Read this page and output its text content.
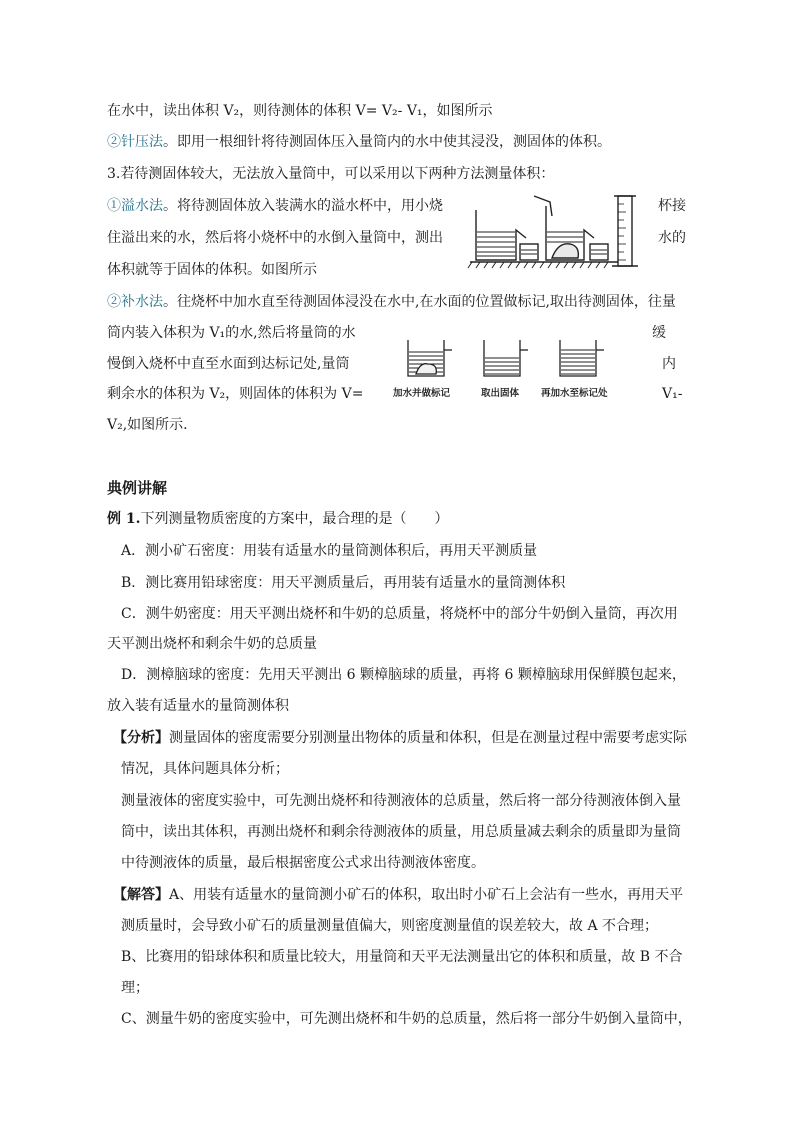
在水中，读出体积 V₂，则待测体的体积 V= V₂- V₁，如图所示
②针压法。即用一根细针将待测固体压入量筒内的水中使其浸没，测固体的体积。
3.若待测固体较大，无法放入量筒中，可以采用以下两种方法测量体积：
①溢水法。将待测固体放入装满水的溢水杯中，用小烧	杯接
住溢出来的水，然后将小烧杯中的水倒入量筒中，测出	水的
体积就等于固体的体积。如图所示
②补水法。往烧杯中加水直至待测固体浸没在水中,在水面的位置做标记,取出待测固体，往量
筒内装入体积为 V₁的水,然后将量筒的水	缓
慢倒入烧杯中直至水面到达标记处,量筒	内
剩余水的体积为 V₂，则固体的体积为 V=	V₁-
V₂,如图所示.
加水并做标记	取出固体 再加水至标记处
典例讲解
例 1.下列测量物质密度的方案中，最合理的是（　　）
A．测小矿石密度：用装有适量水的量筒测体积后，再用天平测质量
B．测比赛用铅球密度：用天平测质量后，再用装有适量水的量筒测体积
C．测牛奶密度：用天平测出烧杯和牛奶的总质量，将烧杯中的部分牛奶倒入量筒，再次用
天平测出烧杯和剩余牛奶的总质量
D．测樟脑球的密度：先用天平测出 6 颗樟脑球的质量，再将 6 颗樟脑球用保鲜膜包起来，
放入装有适量水的量筒测体积
【分析】测量固体的密度需要分别测量出物体的质量和体积，但是在测量过程中需要考虑实际
情况，具体问题具体分析；
测量液体的密度实验中，可先测出烧杯和待测液体的总质量，然后将一部分待测液体倒入量
筒中，读出其体积，再测出烧杯和剩余待测液体的质量，用总质量减去剩余的质量即为量筒
中待测液体的质量，最后根据密度公式求出待测液体密度。
【解答】A、用装有适量水的量筒测小矿石的体积，取出时小矿石上会沾有一些水，再用天平
测质量时，会导致小矿石的质量测量值偏大，则密度测量值的误差较大，故 A 不合理；
B、比赛用的铅球体积和质量比较大，用量筒和天平无法测量出它的体积和质量，故 B 不合
理；
C、测量牛奶的密度实验中，可先测出烧杯和牛奶的总质量，然后将一部分牛奶倒入量筒中，
